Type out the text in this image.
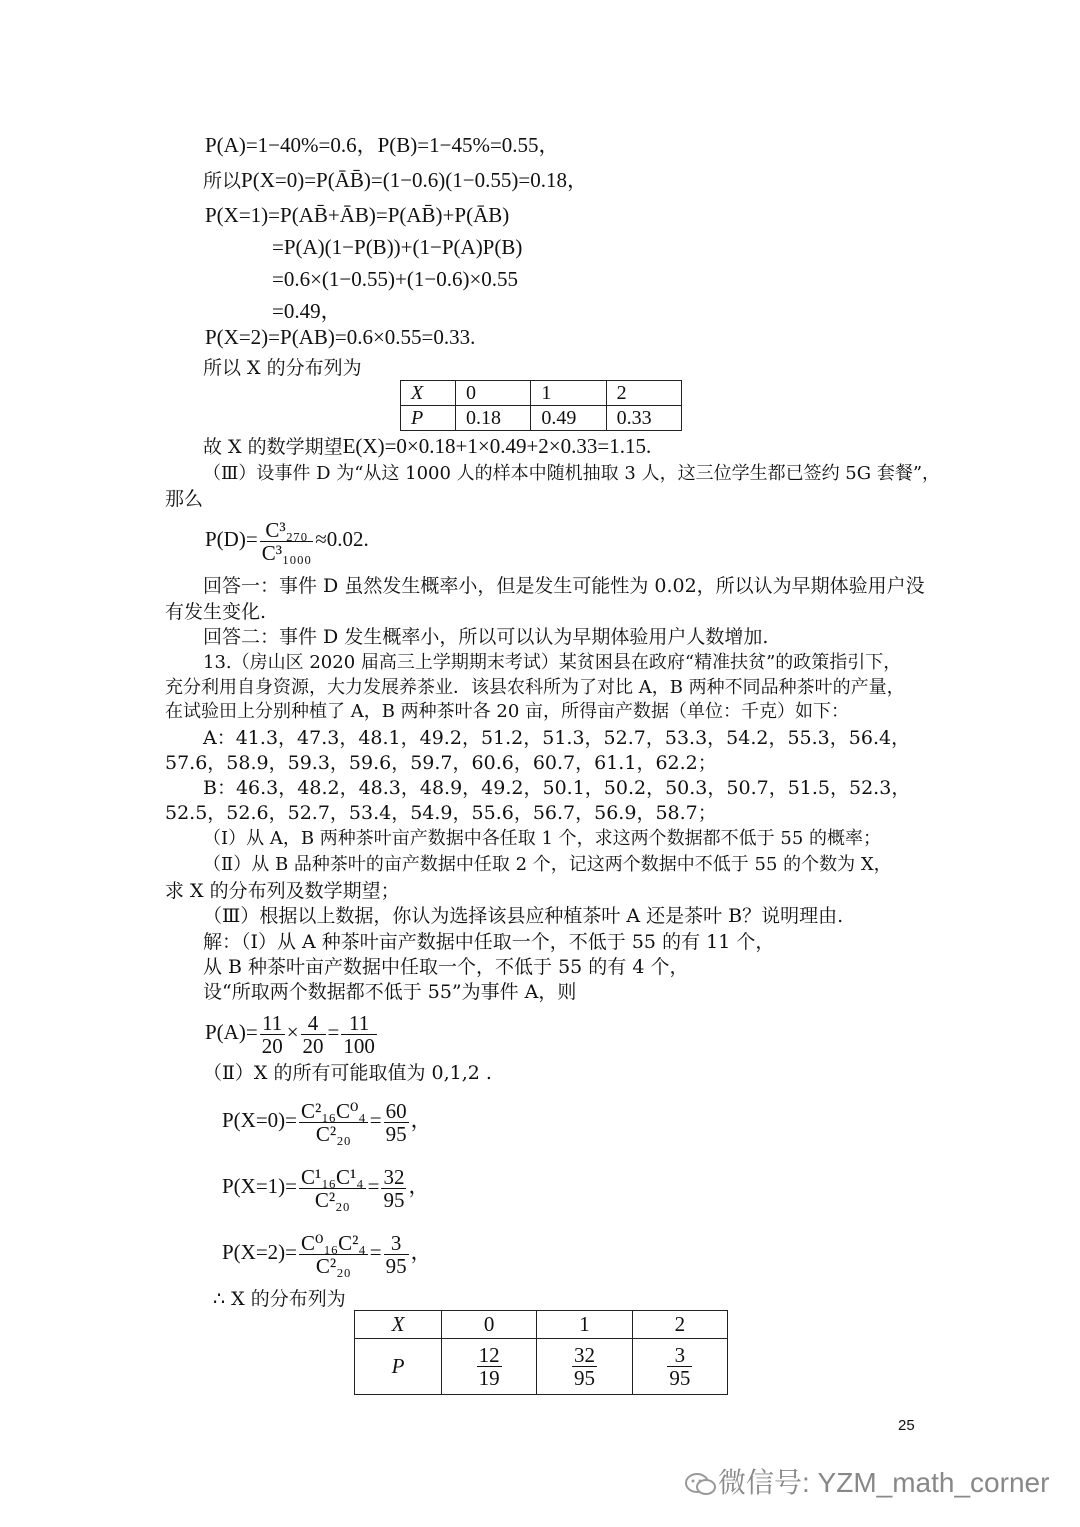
P(A)=1−40%=0.6，P(B)=1−45%=0.55，
所以P(X=0)=P(ĀB̄)=(1−0.6)(1−0.55)=0.18，
P(X=1)=P(AB̄+ĀB)=P(AB̄)+P(ĀB)
=P(A)(1−P(B))+(1−P(A)P(B)
=0.6×(1−0.55)+(1−0.6)×0.55
=0.49，
P(X=2)=P(AB)=0.6×0.55=0.33.
所以 X 的分布列为
X	0	1	2
P	0.18	0.49	0.33
故 X 的数学期望E(X)=0×0.18+1×0.49+2×0.33=1.15.
（Ⅲ）设事件 D 为“从这 1000 人的样本中随机抽取 3 人，这三位学生都已签约 5G 套餐”，
那么
$P(D)= \frac{\text{C³₂₇₀}}{\text{C³₁₀₀₀}} \approx 0.02$.
回答一：事件 D 虽然发生概率小，但是发生可能性为 0.02，所以认为早期体验用户没
有发生变化.
回答二：事件 D 发生概率小，所以可以认为早期体验用户人数增加.
13.（房山区 2020 届高三上学期期末考试）某贫困县在政府“精准扶贫”的政策指引下，
充分利用自身资源，大力发展养茶业．该县农科所为了对比 A，B 两种不同品种茶叶的产量，
在试验田上分别种植了 A，B 两种茶叶各 20 亩，所得亩产数据（单位：千克）如下：
A：41.3，47.3，48.1，49.2，51.2，51.3，52.7，53.3，54.2，55.3，56.4，
57.6，58.9，59.3，59.6，59.7，60.6，60.7，61.1，62.2；
B：46.3，48.2，48.3，48.9，49.2，50.1，50.2，50.3，50.7，51.5，52.3，
52.5，52.6，52.7，53.4，54.9，55.6，56.7，56.9，58.7；
（Ⅰ）从 A，B 两种茶叶亩产数据中各任取 1 个，求这两个数据都不低于 55 的概率；
（Ⅱ）从 B 品种茶叶的亩产数据中任取 2 个，记这两个数据中不低于 55 的个数为 X，
求 X 的分布列及数学期望；
（Ⅲ）根据以上数据，你认为选择该县应种植茶叶 A 还是茶叶 B？说明理由.
解：（Ⅰ）从 A 种茶叶亩产数据中任取一个，不低于 55 的有 11 个，
从 B 种茶叶亩产数据中任取一个，不低于 55 的有 4 个，
设“所取两个数据都不低于 55”为事件 A，则
$P(A)= \frac{11}{20} \times \frac{4}{20} = \frac{11}{100}$
（Ⅱ）X 的所有可能取值为 0,1,2 .
$P(X=0)= \frac{\text{C²₁₆C⁰₄}}{\text{C²₂₀}} = \frac{60}{95}$ ，
$P(X=1)= \frac{\text{C¹₁₆C¹₄}}{\text{C²₂₀}} = \frac{32}{95}$ ，
$P(X=2)= \frac{\text{C⁰₁₆C²₄}}{\text{C²₂₀}} = \frac{3}{95}$ ，
∴ X 的分布列为
X	0	1	2
P	$\frac{12}{19}$	$\frac{32}{95}$	$\frac{3}{95}$
25
微信号: YZM_math_corner
